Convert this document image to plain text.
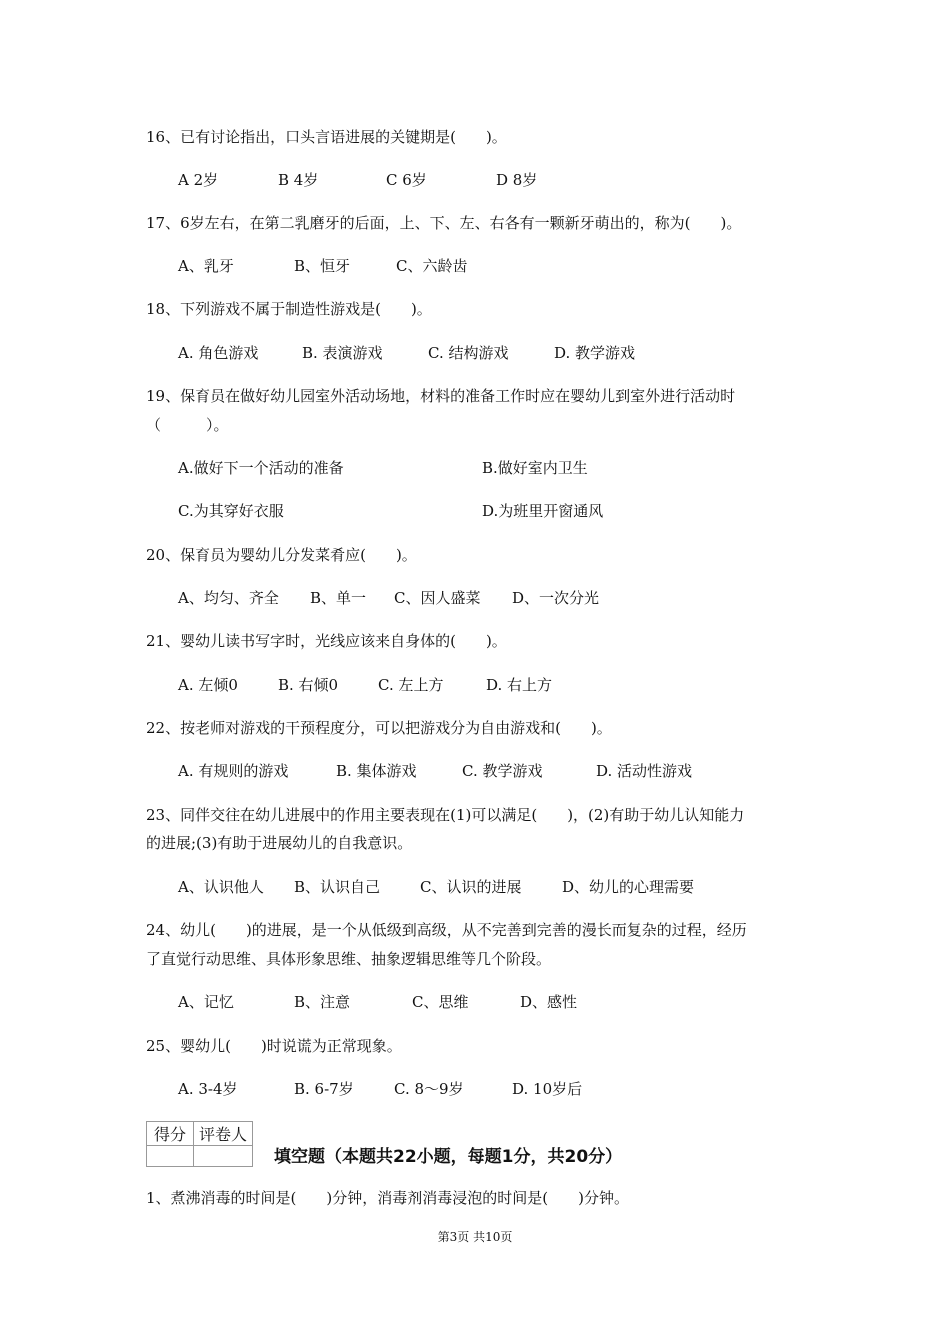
16、已有讨论指出，口头言语进展的关键期是(　　)。
A 2岁	B 4岁	C 6岁	D 8岁
17、6岁左右，在第二乳磨牙的后面，上、下、左、右各有一颗新牙萌出的，称为(　　)。
A、乳牙	B、恒牙	C、六龄齿
18、下列游戏不属于制造性游戏是(　　)。
A. 角色游戏	B. 表演游戏	C. 结构游戏	D. 教学游戏
19、保育员在做好幼儿园室外活动场地，材料的准备工作时应在婴幼儿到室外进行活动时
（　　　）。
A.做好下一个活动的准备	B.做好室内卫生
C.为其穿好衣服	D.为班里开窗通风
20、保育员为婴幼儿分发菜肴应(　　)。
A、均匀、齐全 B、单一 C、因人盛菜 D、一次分光
21、婴幼儿读书写字时，光线应该来自身体的(　　)。
A. 左倾0	B. 右倾0	C. 左上方	D. 右上方
22、按老师对游戏的干预程度分，可以把游戏分为自由游戏和(　　)。
A. 有规则的游戏	B. 集体游戏	C. 教学游戏	D. 活动性游戏
23、同伴交往在幼儿进展中的作用主要表现在(1)可以满足(　　)，(2)有助于幼儿认知能力
的进展;(3)有助于进展幼儿的自我意识。
A、认识他人 B、认识自己	C、认识的进展	D、幼儿的心理需要
24、幼儿(　　)的进展，是一个从低级到高级，从不完善到完善的漫长而复杂的过程，经历
了直觉行动思维、具体形象思维、抽象逻辑思维等几个阶段。
A、记忆	B、注意	C、思维	D、感性
25、婴幼儿(　　)时说谎为正常现象。
A. 3-4岁	B. 6-7岁	C. 8～9岁	D. 10岁后
得分	评卷人

填空题（本题共22小题，每题1分，共20分）
1、煮沸消毒的时间是(　　)分钟，消毒剂消毒浸泡的时间是(　　)分钟。
第3页 共10页
